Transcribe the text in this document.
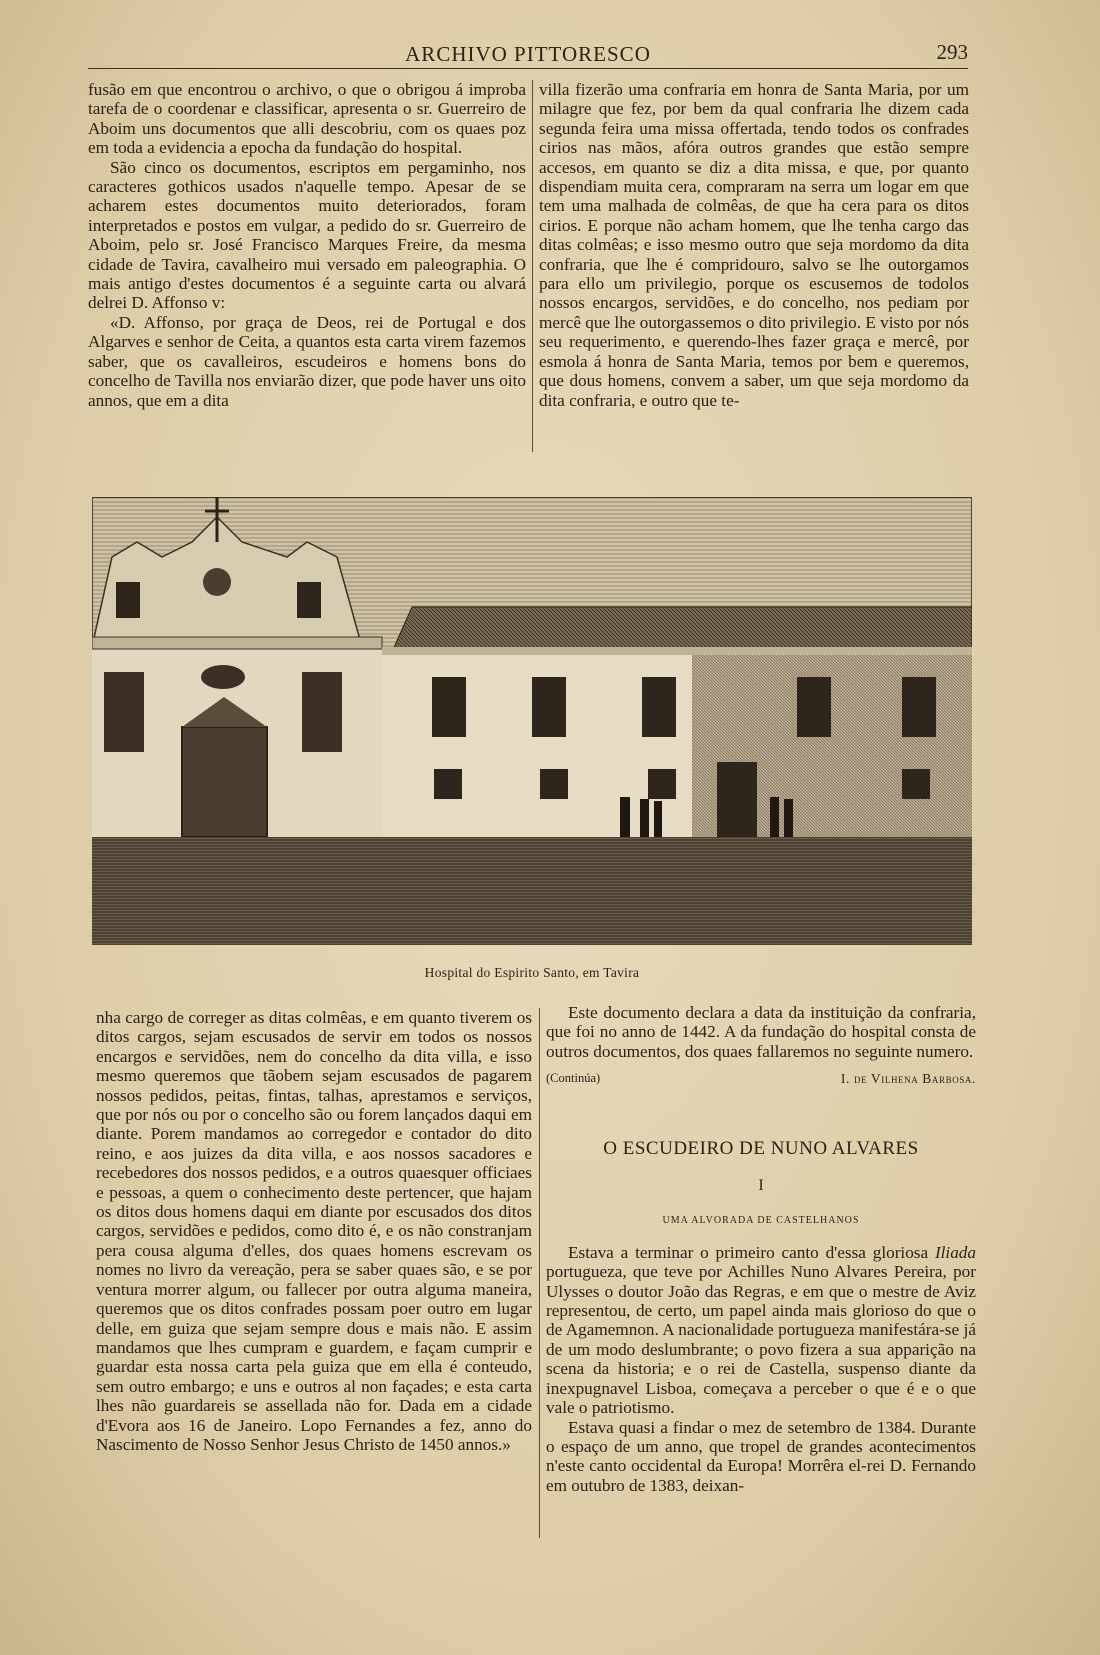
ARCHIVO PITTORESCO	293

fusão em que encontrou o archivo, o que o obrigou á improba tarefa de o coordenar e classificar, apresenta o sr. Guerreiro de Aboim uns documentos que alli descobriu, com os quaes poz em toda a evidencia a epocha da fundação do hospital.

São cinco os documentos, escriptos em pergaminho, nos caracteres gothicos usados n'aquelle tempo. Apesar de se acharem estes documentos muito deteriorados, foram interpretados e postos em vulgar, a pedido do sr. Guerreiro de Aboim, pelo sr. José Francisco Marques Freire, da mesma cidade de Tavira, cavalheiro mui versado em paleographia. O mais antigo d'estes documentos é a seguinte carta ou alvará delrei D. Affonso v:

«D. Affonso, por graça de Deos, rei de Portugal e dos Algarves e senhor de Ceita, a quantos esta carta virem fazemos saber, que os cavalleiros, escudeiros e homens bons do concelho de Tavilla nos enviarão dizer, que pode haver uns oito annos, que em a dita

villa fizerão uma confraria em honra de Santa Maria, por um milagre que fez, por bem da qual confraria lhe dizem cada segunda feira uma missa offertada, tendo todos os confrades cirios nas mãos, afóra outros grandes que estão sempre accesos, em quanto se diz a dita missa, e que, por quanto dispendiam muita cera, compraram na serra um logar em que tem uma malhada de colmêas, de que ha cera para os ditos cirios. E porque não acham homem, que lhe tenha cargo das ditas colmêas; e isso mesmo outro que seja mordomo da dita confraria, que lhe é compridouro, salvo se lhe outorgamos para ello um privilegio, porque os escusemos de todolos nossos encargos, servidões, e do concelho, nos pediam por mercê que lhe outorgassemos o dito privilegio. E visto por nós seu requerimento, e querendo-lhes fazer graça e mercê, por esmola á honra de Santa Maria, temos por bem e queremos, que dous homens, convem a saber, um que seja mordomo da dita confraria, e outro que te-

Hospital do Espirito Santo, em Tavira

nha cargo de correger as ditas colmêas, e em quanto tiverem os ditos cargos, sejam escusados de servir em todos os nossos encargos e servidões, nem do concelho da dita villa, e isso mesmo queremos que tãobem sejam escusados de pagarem nossos pedidos, peitas, fintas, talhas, aprestamos e serviços, que por nós ou por o concelho são ou forem lançados daqui em diante. Porem mandamos ao corregedor e contador do dito reino, e aos juizes da dita villa, e aos nossos sacadores e recebedores dos nossos pedidos, e a outros quaesquer officiaes e pessoas, a quem o conhecimento deste pertencer, que hajam os ditos dous homens daqui em diante por escusados dos ditos cargos, servidões e pedidos, como dito é, e os não constranjam pera cousa alguma d'elles, dos quaes homens escrevam os nomes no livro da vereação, pera se saber quaes são, e se por ventura morrer algum, ou fallecer por outra alguma maneira, queremos que os ditos confrades possam poer outro em lugar delle, em guiza que sejam sempre dous e mais não. E assim mandamos que lhes cumpram e guardem, e façam cumprir e guardar esta nossa carta pela guiza que em ella é conteudo, sem outro embargo; e uns e outros al non façades; e esta carta lhes não guardareis se assellada não for. Dada em a cidade d'Evora aos 16 de Janeiro. Lopo Fernandes a fez, anno do Nascimento de Nosso Senhor Jesus Christo de 1450 annos.»

Este documento declara a data da instituição da confraria, que foi no anno de 1442. A da fundação do hospital consta de outros documentos, dos quaes fallaremos no seguinte numero.

(Continúa)	I. de Vilhena Barbosa.
O ESCUDEIRO DE NUNO ALVARES
I
UMA ALVORADA DE CASTELHANOS

Estava a terminar o primeiro canto d'essa gloriosa Iliada portugueza, que teve por Achilles Nuno Alvares Pereira, por Ulysses o doutor João das Regras, e em que o mestre de Aviz representou, de certo, um papel ainda mais glorioso do que o de Agamemnon. A nacionalidade portugueza manifestára-se já de um modo deslumbrante; o povo fizera a sua apparição na scena da historia; e o rei de Castella, suspenso diante da inexpugnavel Lisboa, começava a perceber o que é e o que vale o patriotismo.

Estava quasi a findar o mez de setembro de 1384. Durante o espaço de um anno, que tropel de grandes acontecimentos n'este canto occidental da Europa! Morrêra el-rei D. Fernando em outubro de 1383, deixan-
